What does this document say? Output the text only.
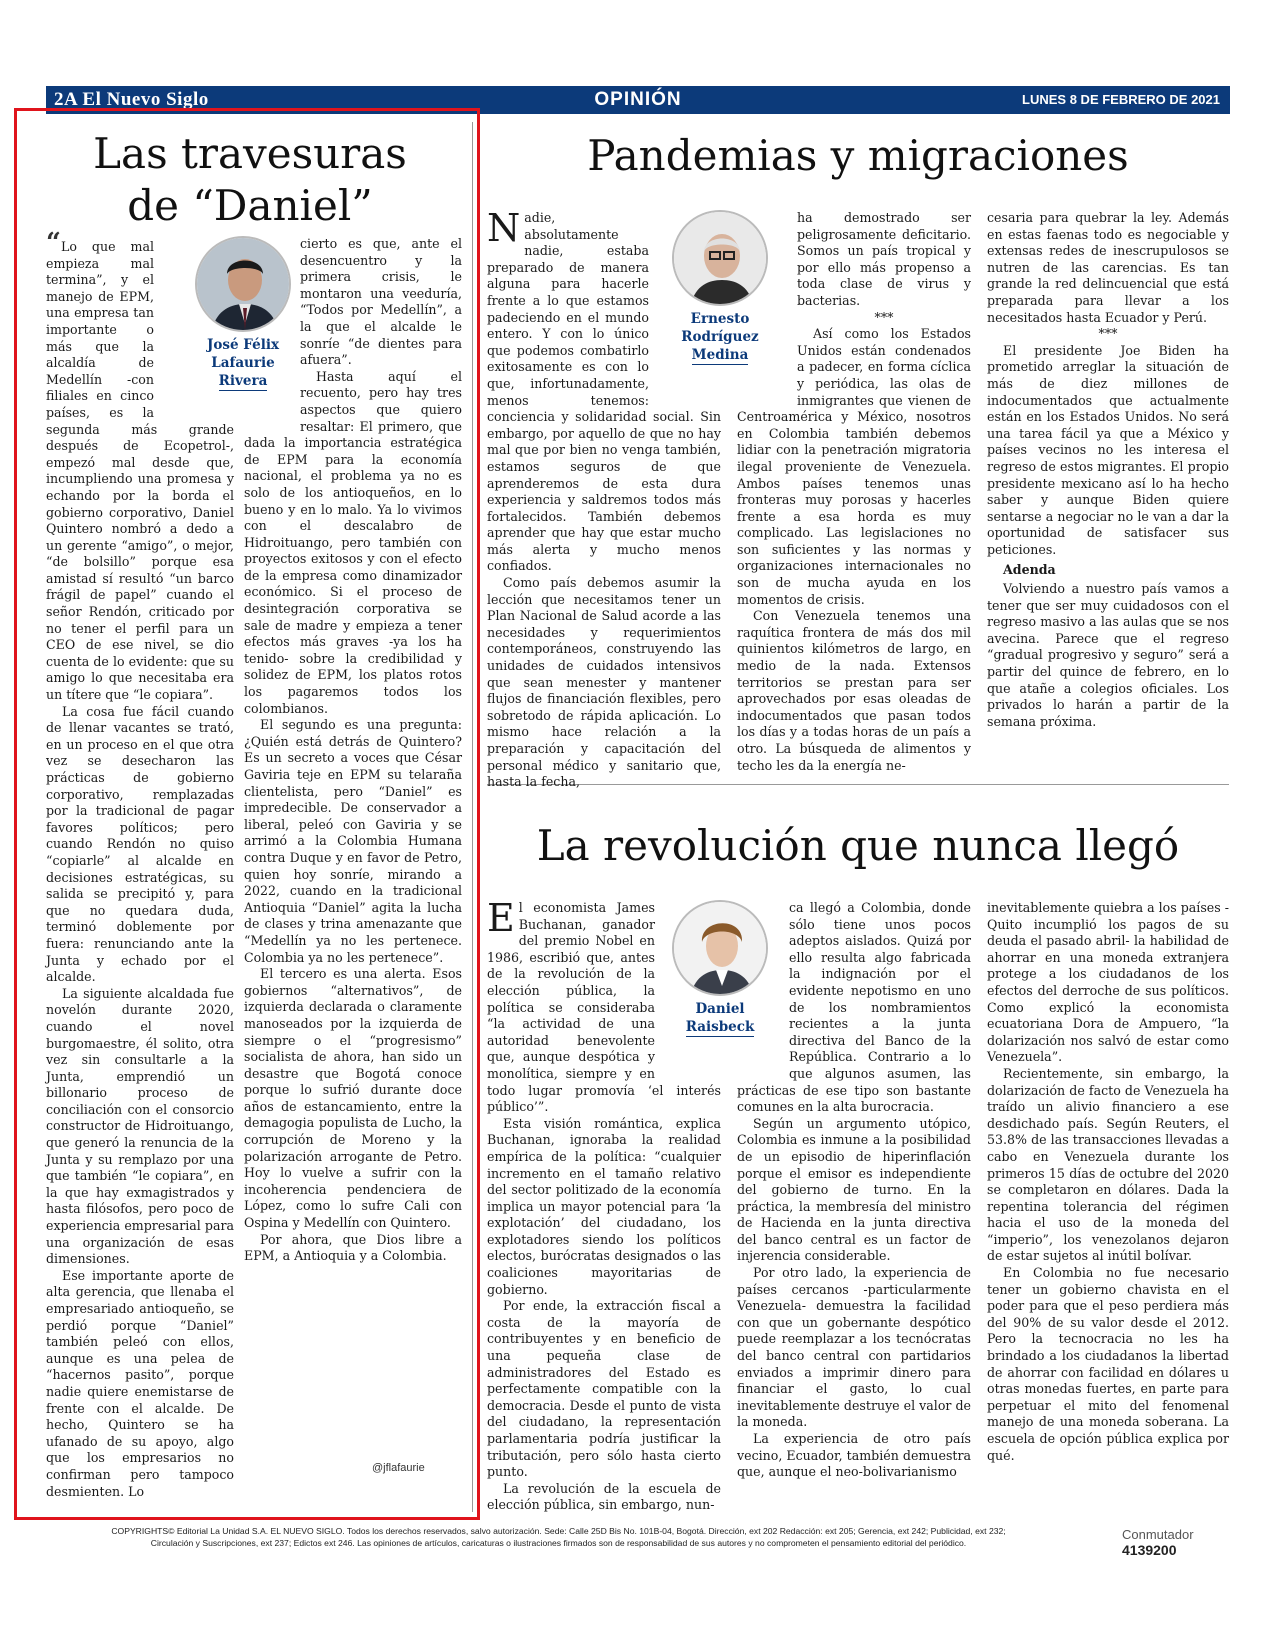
2A El Nuevo Siglo	OPINIÓN	LUNES 8 DE FEBRERO DE 2021
Las travesuras
de “Daniel”
José Félix
Lafaurie
Rivera

“Lo que mal empieza mal termina”, y el manejo de EPM, una empresa tan importante o más que la alcaldía de Medellín -con filiales en cinco países, es la segunda más grande después de Ecopetrol-, empezó mal desde que, incumpliendo una promesa y echando por la borda el gobierno corporativo, Daniel Quintero nombró a dedo a un gerente “amigo”, o mejor, “de bolsillo” porque esa amistad sí resultó “un barco frágil de papel” cuando el señor Rendón, criticado por no tener el perfil para un CEO de ese nivel, se dio cuenta de lo evidente: que su amigo lo que necesitaba era un títere que “le copiara”.

La cosa fue fácil cuando de llenar vacantes se trató, en un proceso en el que otra vez se desecharon las prácticas de gobierno corporativo, remplazadas por la tradicional de pagar favores políticos; pero cuando Rendón no quiso “copiarle” al alcalde en decisiones estratégicas, su salida se precipitó y, para que no quedara duda, terminó doblemente por fuera: renunciando ante la Junta y echado por el alcalde.

La siguiente alcaldada fue novelón durante 2020, cuando el novel burgomaestre, él solito, otra vez sin consultarle a la Junta, emprendió un billonario proceso de conciliación con el consorcio constructor de Hidroituango, que generó la renuncia de la Junta y su remplazo por una que también “le copiara”, en la que hay exmagistrados y hasta filósofos, pero poco de experiencia empresarial para una organización de esas dimensiones.

Ese importante aporte de alta gerencia, que llenaba el empresariado antioqueño, se perdió porque “Daniel” también peleó con ellos, aunque es una pelea de “hacernos pasito”, porque nadie quiere enemistarse de frente con el alcalde. De hecho, Quintero se ha ufanado de su apoyo, algo que los empresarios no confirman pero tampoco desmienten. Lo

cierto es que, ante el desencuentro y la primera crisis, le montaron una veeduría, “Todos por Medellín”, a la que el alcalde le sonríe “de dientes para afuera”.

Hasta aquí el recuento, pero hay tres aspectos que quiero resaltar: El primero, que dada la importancia estratégica de EPM para la economía nacional, el problema ya no es solo de los antioqueños, en lo bueno y en lo malo. Ya lo vivimos con el descalabro de Hidroituango, pero también con proyectos exitosos y con el efecto de la empresa como dinamizador económico. Si el proceso de desintegración corporativa se sale de madre y empieza a tener efectos más graves -ya los ha tenido- sobre la credibilidad y solidez de EPM, los platos rotos los pagaremos todos los colombianos.

El segundo es una pregunta: ¿Quién está detrás de Quintero? Es un secreto a voces que César Gaviria teje en EPM su telaraña clientelista, pero “Daniel” es impredecible. De conservador a liberal, peleó con Gaviria y se arrimó a la Colombia Humana contra Duque y en favor de Petro, quien hoy sonríe, mirando a 2022, cuando en la tradicional Antioquia “Daniel” agita la lucha de clases y trina amenazante que “Medellín ya no les pertenece. Colombia ya no les pertenece”.

El tercero es una alerta. Esos gobiernos “alternativos”, de izquierda declarada o claramente manoseados por la izquierda de siempre o el “progresismo” socialista de ahora, han sido un desastre que Bogotá conoce porque lo sufrió durante doce años de estancamiento, entre la demagogia populista de Lucho, la corrupción de Moreno y la polarización arrogante de Petro. Hoy lo vuelve a sufrir con la incoherencia pendenciera de López, como lo sufre Cali con Ospina y Medellín con Quintero.

Por ahora, que Dios libre a EPM, a Antioquia y a Colombia.

@jflafaurie
Pandemias y migraciones
Ernesto
Rodríguez
Medina

Nadie, absolutamente nadie, estaba preparado de manera alguna para hacerle frente a lo que estamos padeciendo en el mundo entero. Y con lo único que podemos combatirlo exitosamente es con lo que, infortunadamente, menos tenemos: conciencia y solidaridad social. Sin embargo, por aquello de que no hay mal que por bien no venga también, estamos seguros de que aprenderemos de esta dura experiencia y saldremos todos más fortalecidos. También debemos aprender que hay que estar mucho más alerta y mucho menos confiados.

Como país debemos asumir la lección que necesitamos tener un Plan Nacional de Salud acorde a las necesidades y requerimientos contemporáneos, construyendo las unidades de cuidados intensivos que sean menester y mantener flujos de financiación flexibles, pero sobretodo de rápida aplicación. Lo mismo hace relación a la preparación y capacitación del personal médico y sanitario que, hasta la fecha,

ha demostrado ser peligrosamente deficitario. Somos un país tropical y por ello más propenso a toda clase de virus y bacterias.

***

Así como los Estados Unidos están condenados a padecer, en forma cíclica y periódica, las olas de inmigrantes que vienen de Centroamérica y México, nosotros en Colombia también debemos lidiar con la penetración migratoria ilegal proveniente de Venezuela. Ambos países tenemos unas fronteras muy porosas y hacerles frente a esa horda es muy complicado. Las legislaciones no son suficientes y las normas y organizaciones internacionales no son de mucha ayuda en los momentos de crisis.

Con Venezuela tenemos una raquítica frontera de más dos mil quinientos kilómetros de largo, en medio de la nada. Extensos territorios se prestan para ser aprovechados por esas oleadas de indocumentados que pasan todos los días y a todas horas de un país a otro. La búsqueda de alimentos y techo les da la energía ne-

cesaria para quebrar la ley. Además en estas faenas todo es negociable y extensas redes de inescrupulosos se nutren de las carencias. Es tan grande la red delincuencial que está preparada para llevar a los necesitados hasta Ecuador y Perú.

***

El presidente Joe Biden ha prometido arreglar la situación de más de diez millones de indocumentados que actualmente están en los Estados Unidos. No será una tarea fácil ya que a México y países vecinos no les interesa el regreso de estos migrantes. El propio presidente mexicano así lo ha hecho saber y aunque Biden quiere sentarse a negociar no le van a dar la oportunidad de satisfacer sus peticiones.

Adenda

Volviendo a nuestro país vamos a tener que ser muy cuidadosos con el regreso masivo a las aulas que se nos avecina. Parece que el regreso “gradual progresivo y seguro” será a partir del quince de febrero, en lo que atañe a colegios oficiales. Los privados lo harán a partir de la semana próxima.

La revolución que nunca llegó
Daniel
Raisbeck

El economista James Buchanan, ganador del premio Nobel en 1986, escribió que, antes de la revolución de la elección pública, la política se consideraba “la actividad de una autoridad benevolente que, aunque despótica y monolítica, siempre y en todo lugar promovía ‘el interés público’”.

Esta visión romántica, explica Buchanan, ignoraba la realidad empírica de la política: “cualquier incremento en el tamaño relativo del sector politizado de la economía implica un mayor potencial para ‘la explotación’ del ciudadano, los explotadores siendo los políticos electos, burócratas designados o las coaliciones mayoritarias de gobierno.

Por ende, la extracción fiscal a costa de la mayoría de contribuyentes y en beneficio de una pequeña clase de administradores del Estado es perfectamente compatible con la democracia. Desde el punto de vista del ciudadano, la representación parlamentaria podría justificar la tributación, pero sólo hasta cierto punto.

La revolución de la escuela de elección pública, sin embargo, nun-

ca llegó a Colombia, donde sólo tiene unos pocos adeptos aislados. Quizá por ello resulta algo fabricada la indignación por el evidente nepotismo en uno de los nombramientos recientes a la junta directiva del Banco de la República. Contrario a lo que algunos asumen, las prácticas de ese tipo son bastante comunes en la alta burocracia.

Según un argumento utópico, Colombia es inmune a la posibilidad de un episodio de hiperinflación porque el emisor es independiente del gobierno de turno. En la práctica, la membresía del ministro de Hacienda en la junta directiva del banco central es un factor de injerencia considerable.

Por otro lado, la experiencia de países cercanos -particularmente Venezuela- demuestra la facilidad con que un gobernante despótico puede reemplazar a los tecnócratas del banco central con partidarios enviados a imprimir dinero para financiar el gasto, lo cual inevitablemente destruye el valor de la moneda.

La experiencia de otro país vecino, Ecuador, también demuestra que, aunque el neo-bolivarianismo

inevitablemente quiebra a los países -Quito incumplió los pagos de su deuda el pasado abril- la habilidad de ahorrar en una moneda extranjera protege a los ciudadanos de los efectos del derroche de sus políticos. Como explicó la economista ecuatoriana Dora de Ampuero, “la dolarización nos salvó de estar como Venezuela”.

Recientemente, sin embargo, la dolarización de facto de Venezuela ha traído un alivio financiero a ese desdichado país. Según Reuters, el 53.8% de las transacciones llevadas a cabo en Venezuela durante los primeros 15 días de octubre del 2020 se completaron en dólares. Dada la repentina tolerancia del régimen hacia el uso de la moneda del “imperio”, los venezolanos dejaron de estar sujetos al inútil bolívar.

En Colombia no fue necesario tener un gobierno chavista en el poder para que el peso perdiera más del 90% de su valor desde el 2012. Pero la tecnocracia no les ha brindado a los ciudadanos la libertad de ahorrar con facilidad en dólares u otras monedas fuertes, en parte para perpetuar el mito del fenomenal manejo de una moneda soberana. La escuela de opción pública explica por qué.

COPYRIGHTS© Editorial La Unidad S.A. EL NUEVO SIGLO. Todos los derechos reservados, salvo autorización. Sede: Calle 25D Bis No. 101B-04, Bogotá. Dirección, ext 202 Redacción: ext 205; Gerencia, ext 242; Publicidad, ext 232;
Circulación y Suscripciones, ext 237; Edictos ext 246. Las opiniones de artículos, caricaturas o ilustraciones firmados son de responsabilidad de sus autores y no comprometen el pensamiento editorial del periódico.
Conmutador
4139200
